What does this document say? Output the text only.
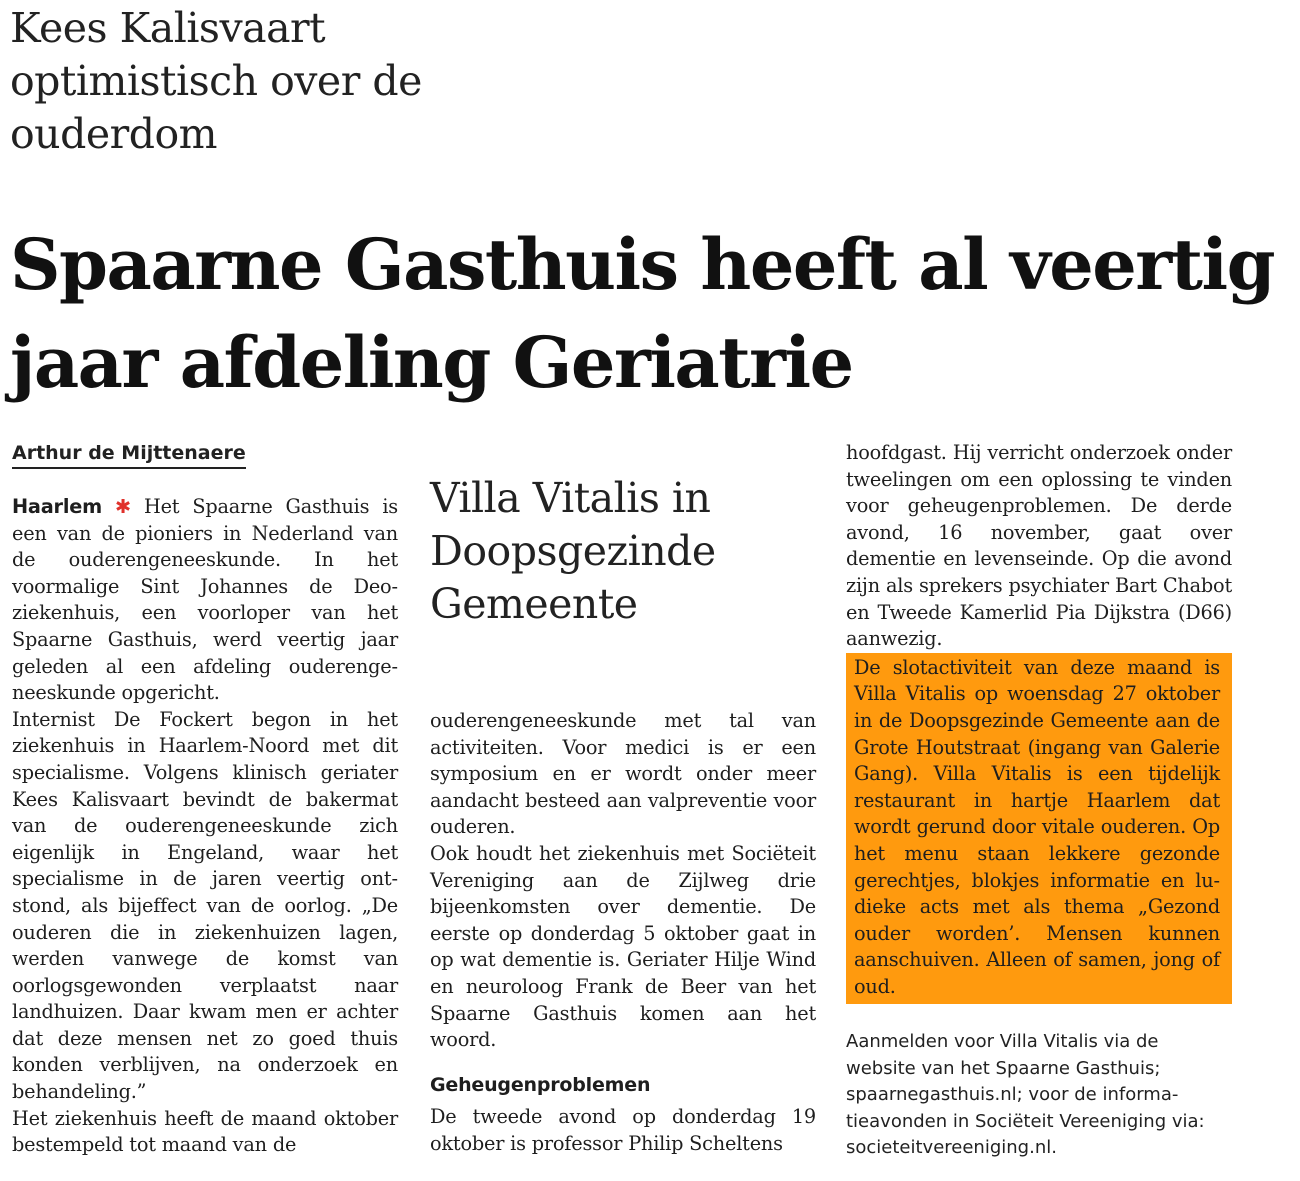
Kees Kalisvaart optimistisch over de ouderdom
Spaarne Gasthuis heeft al veertig jaar afdeling Geriatrie
Arthur de Mijttenaere

Haarlem ✱ Het Spaarne Gasthuis is een van de pioniers in Nederland van de ouderengeneeskunde. In het voormalige Sint Johannes de Deoziekenhuis, een voorloper van het Spaarne Gasthuis, werd veertig jaar geleden al een afdeling ouderengeneeskunde opgericht.

Internist De Fockert begon in het ziekenhuis in Haarlem-Noord met dit specialisme. Volgens klinisch geriater Kees Kalisvaart bevindt de bakermat van de ouderengeneeskunde zich eigenlijk in Engeland, waar het specialisme in de jaren veertig ontstond, als bijeffect van de oorlog. „De ouderen die in ziekenhuizen lagen, werden vanwege de komst van oorlogsgewonden verplaatst naar landhuizen. Daar kwam men er achter dat deze mensen net zo goed thuis konden verblijven, na onderzoek en behandeling.”

Het ziekenhuis heeft de maand oktober bestempeld tot maand van de

Villa Vitalis in Doopsgezinde Gemeente

ouderengeneeskunde met tal van activiteiten. Voor medici is er een symposium en er wordt onder meer aandacht besteed aan valpreventie voor ouderen.

Ook houdt het ziekenhuis met Sociëteit Vereniging aan de Zijlweg drie bijeenkomsten over dementie. De eerste op donderdag 5 oktober gaat in op wat dementie is. Geriater Hilje Wind en neuroloog Frank de Beer van het Spaarne Gasthuis komen aan het woord.

Geheugenproblemen

De tweede avond op donderdag 19 oktober is professor Philip Scheltens

hoofdgast. Hij verricht onderzoek onder tweelingen om een oplossing te vinden voor geheugenproblemen. De derde avond, 16 november, gaat over dementie en levenseinde. Op die avond zijn als sprekers psychiater Bart Chabot en Tweede Kamerlid Pia Dijkstra (D66) aanwezig.

De slotactiviteit van deze maand is Villa Vitalis op woensdag 27 oktober in de Doopsgezinde Gemeente aan de Grote Houtstraat (ingang van Galerie Gang). Villa Vitalis is een tijdelijk restaurant in hartje Haarlem dat wordt gerund door vitale ouderen. Op het menu staan lekkere gezonde gerechtjes, blokjes informatie en ludieke acts met als thema „Gezond ouder worden’. Mensen kunnen aanschuiven. Alleen of samen, jong of oud.

Aanmelden voor Villa Vitalis via de website van het Spaarne Gasthuis; spaarnegasthuis.nl; voor de informatieavonden in Sociëteit Vereeniging via: societeitvereeniging.nl.
